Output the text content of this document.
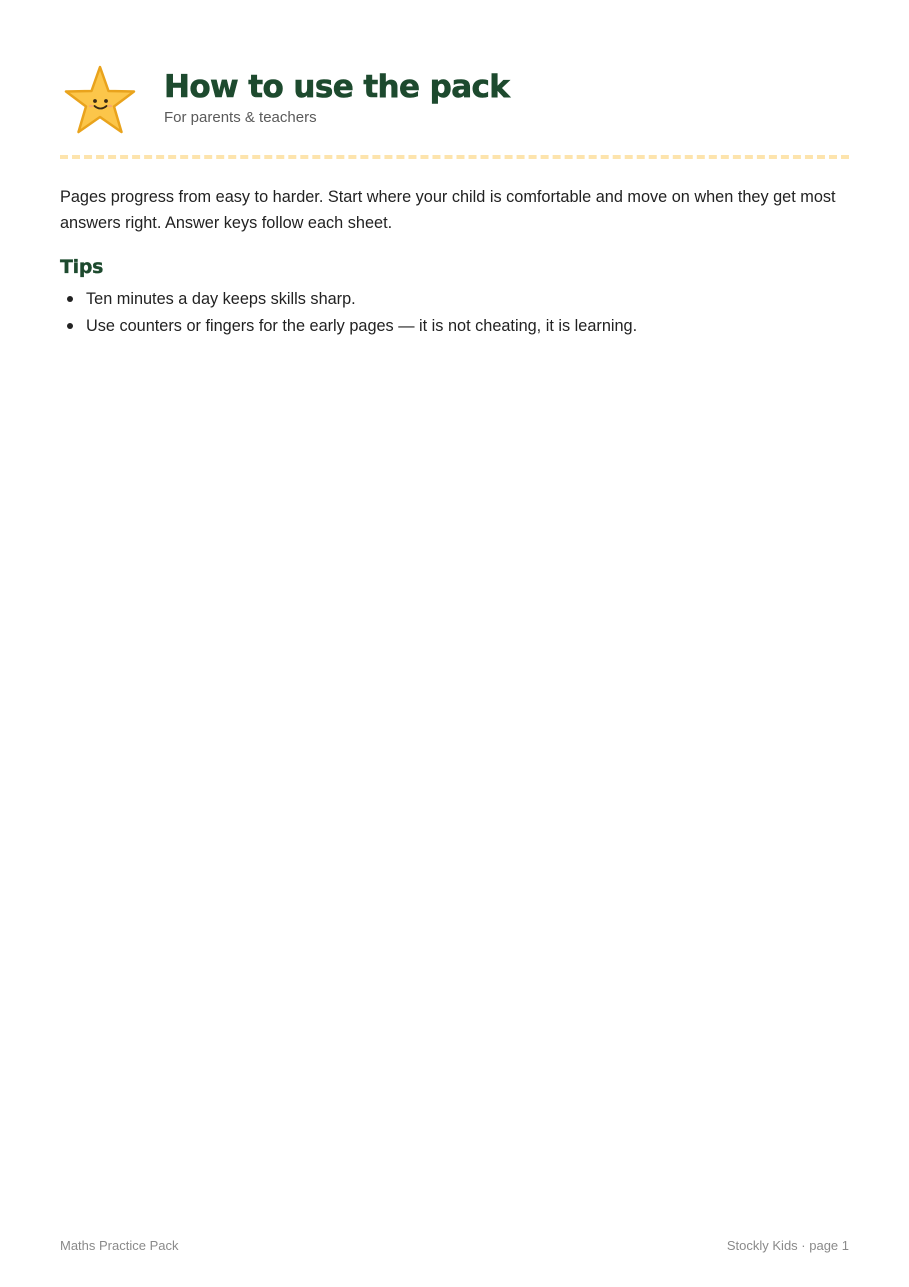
How to use the pack
For parents & teachers

Pages progress from easy to harder. Start where your child is comfortable and move on when they get most answers right. Answer keys follow each sheet.

Tips
Ten minutes a day keeps skills sharp.
Use counters or fingers for the early pages — it is not cheating, it is learning.
Maths Practice Pack	Stockly Kids · page 1
